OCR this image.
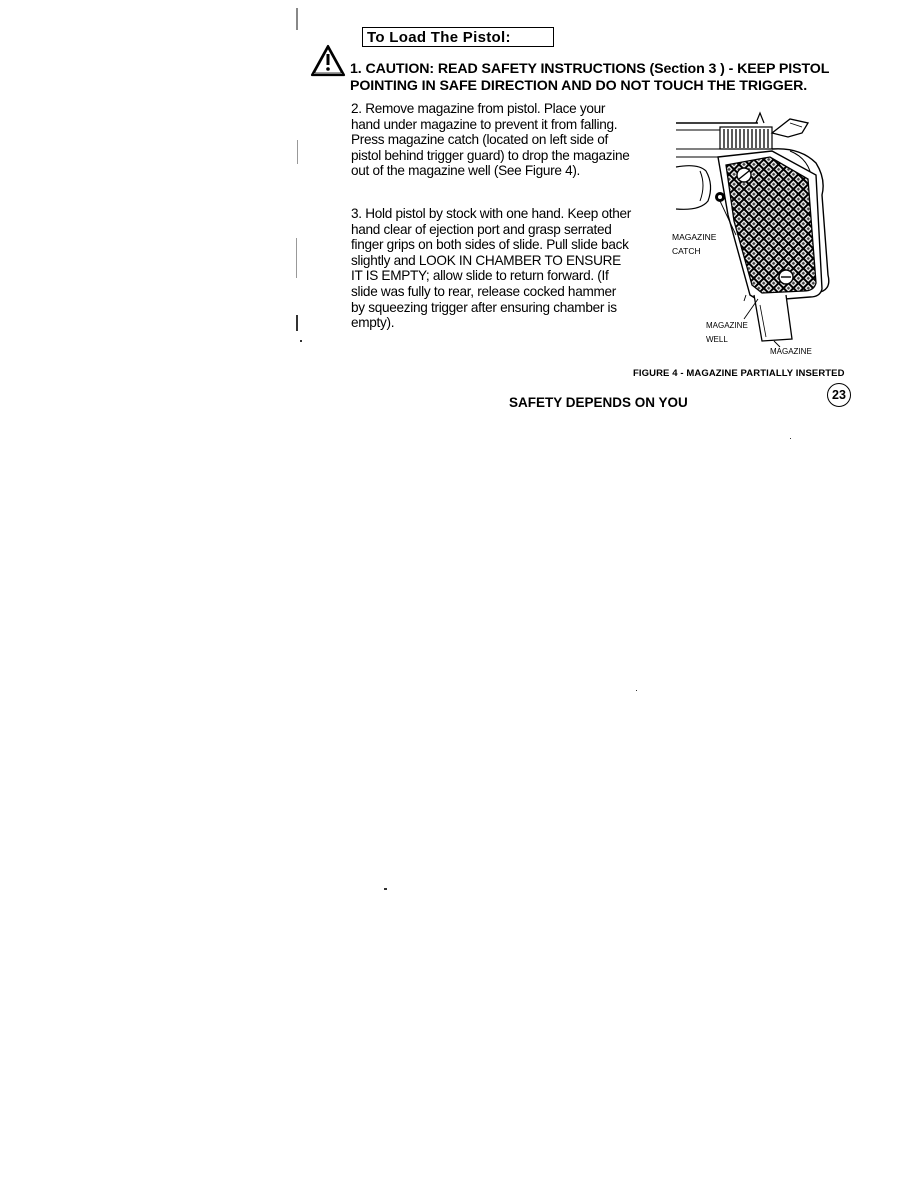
To Load The Pistol:
1. CAUTION: READ SAFETY INSTRUCTIONS (Section 3 ) - KEEP PISTOL POINTING IN SAFE DIRECTION AND DO NOT TOUCH THE TRIGGER.
2. Remove magazine from pistol. Place your hand under magazine to prevent it from falling. Press magazine catch (located on left side of pistol behind trigger guard) to drop the magazine out of the magazine well (See Figure 4).
3. Hold pistol by stock with one hand. Keep other hand clear of ejection port and grasp serrated finger grips on both sides of slide. Pull slide back slightly and LOOK IN CHAMBER TO ENSURE IT IS EMPTY; allow slide to return forward. (If slide was fully to rear, release cocked hammer by squeezing trigger after ensuring chamber is empty).
MAGAZINE
CATCH
MAGAZINE
WELL
MAGAZINE
FIGURE 4 - MAGAZINE PARTIALLY INSERTED
SAFETY DEPENDS ON YOU	23
